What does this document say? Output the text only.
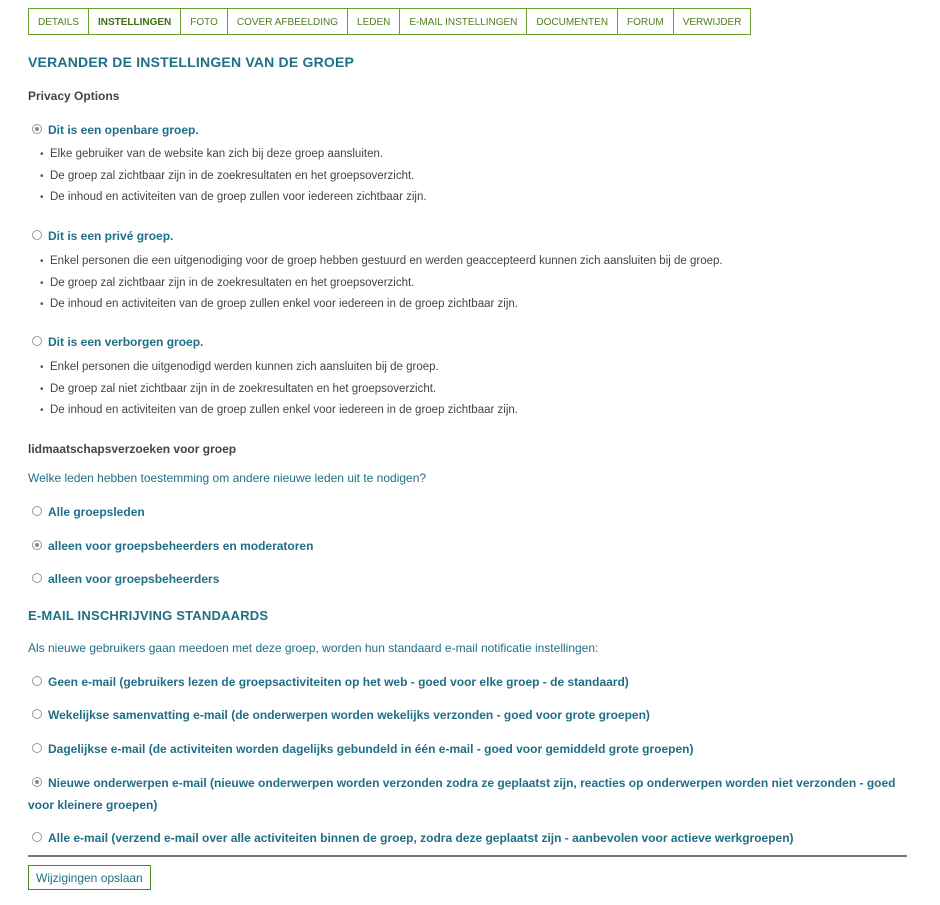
DETAILS	INSTELLINGEN	FOTO	COVER AFBEELDING	LEDEN	E-MAIL INSTELLINGEN	DOCUMENTEN	FORUM	VERWIJDER
VERANDER DE INSTELLINGEN VAN DE GROEP
Privacy Options
Dit is een openbare groep.
• Elke gebruiker van de website kan zich bij deze groep aansluiten.
• De groep zal zichtbaar zijn in de zoekresultaten en het groepsoverzicht.
• De inhoud en activiteiten van de groep zullen voor iedereen zichtbaar zijn.
Dit is een privé groep.
• Enkel personen die een uitgenodiging voor de groep hebben gestuurd en werden geaccepteerd kunnen zich aansluiten bij de groep.
• De groep zal zichtbaar zijn in de zoekresultaten en het groepsoverzicht.
• De inhoud en activiteiten van de groep zullen enkel voor iedereen in de groep zichtbaar zijn.
Dit is een verborgen groep.
• Enkel personen die uitgenodigd werden kunnen zich aansluiten bij de groep.
• De groep zal niet zichtbaar zijn in de zoekresultaten en het groepsoverzicht.
• De inhoud en activiteiten van de groep zullen enkel voor iedereen in de groep zichtbaar zijn.
lidmaatschapsverzoeken voor groep
Welke leden hebben toestemming om andere nieuwe leden uit te nodigen?
Alle groepsleden
alleen voor groepsbeheerders en moderatoren
alleen voor groepsbeheerders
E-MAIL INSCHRIJVING STANDAARDS
Als nieuwe gebruikers gaan meedoen met deze groep, worden hun standaard e-mail notificatie instellingen:
Geen e-mail (gebruikers lezen de groepsactiviteiten op het web - goed voor elke groep - de standaard)
Wekelijkse samenvatting e-mail (de onderwerpen worden wekelijks verzonden - goed voor grote groepen)
Dagelijkse e-mail (de activiteiten worden dagelijks gebundeld in één e-mail - goed voor gemiddeld grote groepen)
Nieuwe onderwerpen e-mail (nieuwe onderwerpen worden verzonden zodra ze geplaatst zijn, reacties op onderwerpen worden niet verzonden - goed voor kleinere groepen)
Alle e-mail (verzend e-mail over alle activiteiten binnen de groep, zodra deze geplaatst zijn - aanbevolen voor actieve werkgroepen)
Wijzigingen opslaan
